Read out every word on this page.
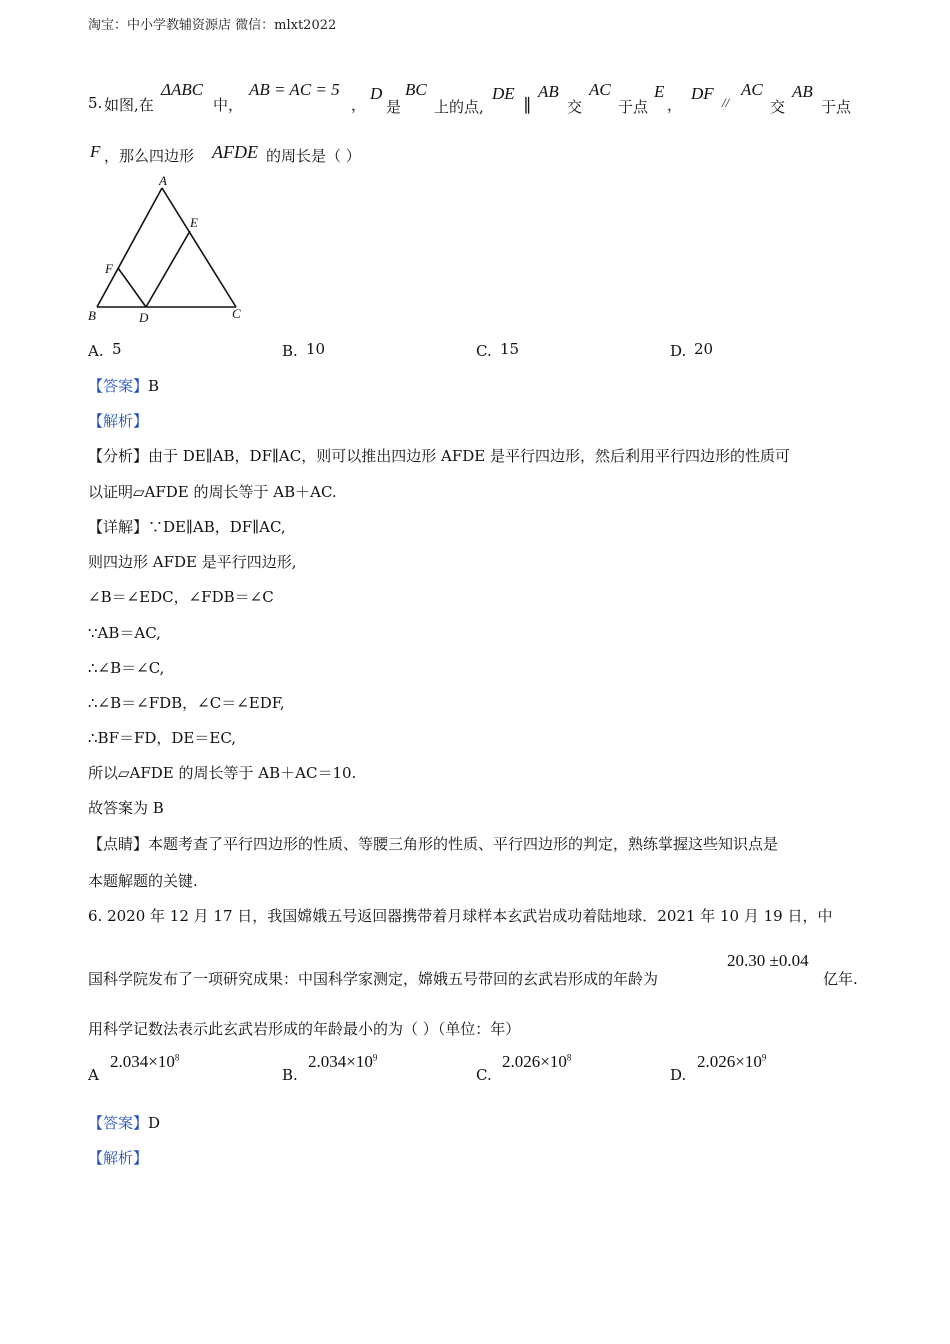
淘宝：中小学教辅资源店 微信：mlxt2022
5. 如图,在
ΔABC
中，
AB = AC = 5
，
D
是
BC
上的点,
DE
∥
AB
交
AC
于点
E
，
DF //
AC
交
AB
于点
F ，那么四边形 AFDE 的周长是（ ）
A
B	C
D
E
F
A. 5	B. 10	C. 15	D. 20
【答案】B
【解析】
【分析】由于 DE∥AB，DF∥AC，则可以推出四边形 AFDE 是平行四边形，然后利用平行四边形的性质可
以证明▱AFDE 的周长等于 AB＋AC.
【详解】∵DE∥AB，DF∥AC,
则四边形 AFDE 是平行四边形,
∠B＝∠EDC，∠FDB＝∠C
∵AB＝AC,
∴∠B＝∠C,
∴∠B＝∠FDB，∠C＝∠EDF,
∴BF＝FD，DE＝EC,
所以▱AFDE 的周长等于 AB＋AC＝10.
故答案为 B
【点睛】本题考查了平行四边形的性质、等腰三角形的性质、平行四边形的判定，熟练掌握这些知识点是
本题解题的关键.
6. 2020 年 12 月 17 日，我国嫦娥五号返回器携带着月球样本玄武岩成功着陆地球．2021 年 10 月 19 日，中
国科学院发布了一项研究成果：中国科学家测定，嫦娥五号带回的玄武岩形成的年龄为
20.30 ±0.04
亿年.
用科学记数法表示此玄武岩形成的年龄最小的为（ ）（单位：年）
A
$2.034\times 10^8$
B.
$2.034\times 10^9$
C.
$2.026\times 10^8$
D.
$2.026\times 10^9$
【答案】D
【解析】
